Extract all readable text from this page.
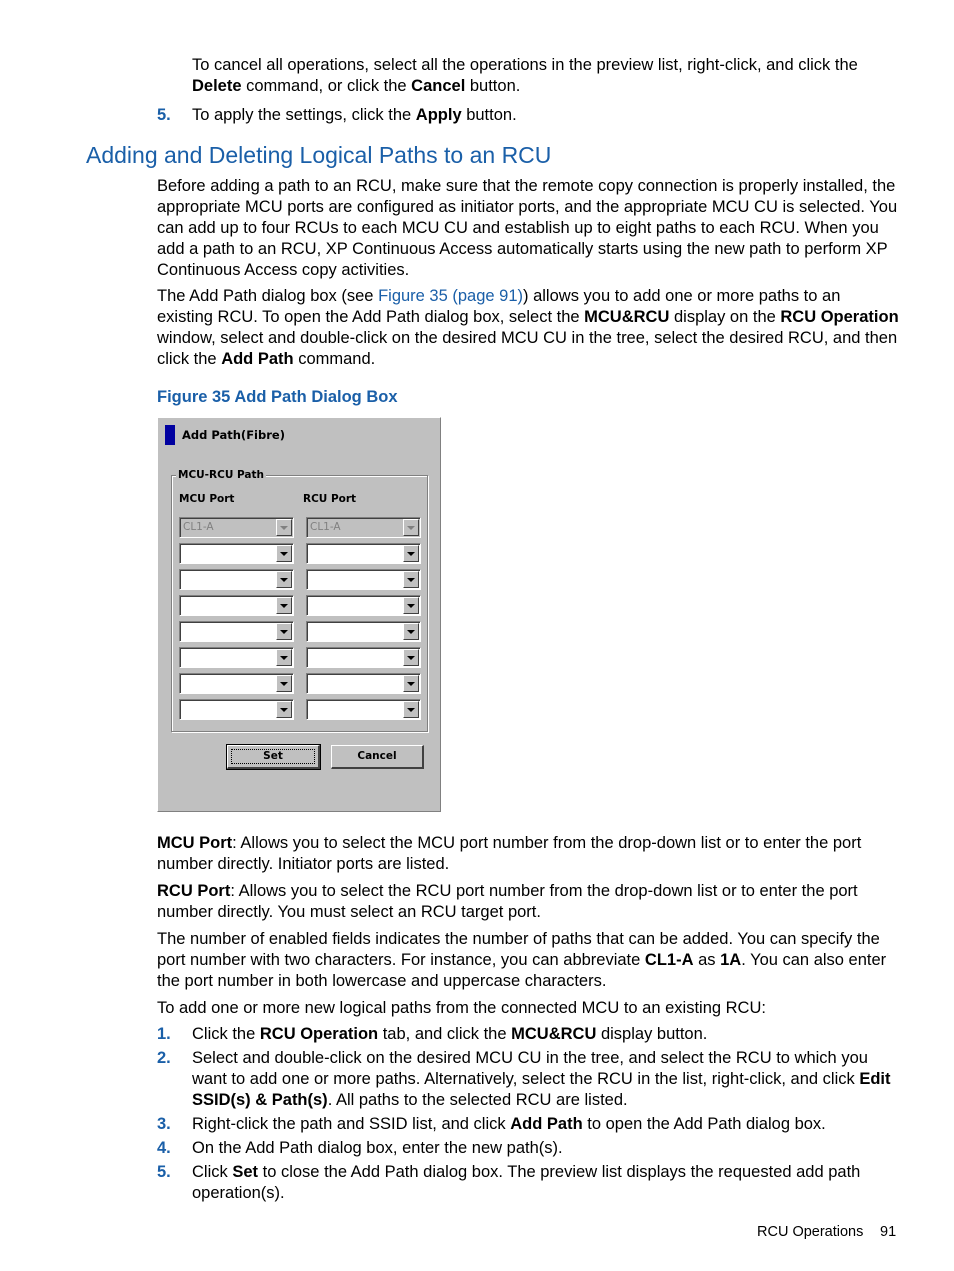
To cancel all operations, select all the operations in the preview list, right-click, and click the Delete command, or click the Cancel button.

5.	To apply the settings, click the Apply button.

Adding and Deleting Logical Paths to an RCU

Before adding a path to an RCU, make sure that the remote copy connection is properly installed, the appropriate MCU ports are configured as initiator ports, and the appropriate MCU CU is selected. You can add up to four RCUs to each MCU CU and establish up to eight paths to each RCU. When you add a path to an RCU, XP Continuous Access automatically starts using the new path to perform XP Continuous Access copy activities.

The Add Path dialog box (see Figure 35 (page 91)) allows you to add one or more paths to an existing RCU. To open the Add Path dialog box, select the MCU&RCU display on the RCU Operation window, select and double-click on the desired MCU CU in the tree, select the desired RCU, and then click the Add Path command.

Figure 35 Add Path Dialog Box

Add Path(Fibre)
MCU-RCU Path
MCU Port	RCU Port
CL1-A	CL1-A
Set	Cancel

MCU Port: Allows you to select the MCU port number from the drop-down list or to enter the port number directly. Initiator ports are listed.

RCU Port: Allows you to select the RCU port number from the drop-down list or to enter the port number directly. You must select an RCU target port.

The number of enabled fields indicates the number of paths that can be added. You can specify the port number with two characters. For instance, you can abbreviate CL1-A as 1A. You can also enter the port number in both lowercase and uppercase characters.

To add one or more new logical paths from the connected MCU to an existing RCU:

1.	Click the RCU Operation tab, and click the MCU&RCU display button.

2.	Select and double-click on the desired MCU CU in the tree, and select the RCU to which you want to add one or more paths. Alternatively, select the RCU in the list, right-click, and click Edit SSID(s) & Path(s). All paths to the selected RCU are listed.

3.	Right-click the path and SSID list, and click Add Path to open the Add Path dialog box.

4.	On the Add Path dialog box, enter the new path(s).

5.	Click Set to close the Add Path dialog box. The preview list displays the requested add path operation(s).

RCU Operations 91
